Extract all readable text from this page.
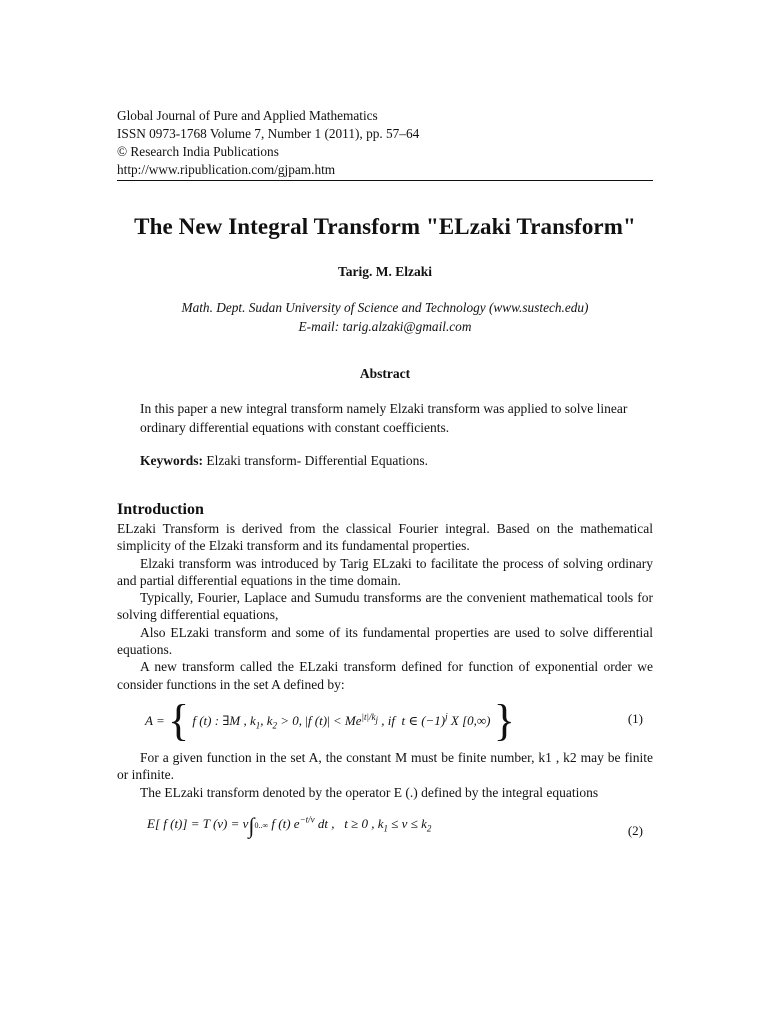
Global Journal of Pure and Applied Mathematics
ISSN 0973-1768 Volume 7, Number 1 (2011), pp. 57–64
© Research India Publications
http://www.ripublication.com/gjpam.htm
The New Integral Transform "ELzaki Transform"
Tarig. M. Elzaki
Math. Dept. Sudan University of Science and Technology (www.sustech.edu)
E-mail: tarig.alzaki@gmail.com
Abstract
In this paper a new integral transform namely Elzaki transform was applied to solve linear ordinary differential equations with constant coefficients.
Keywords: Elzaki transform- Differential Equations.
Introduction

ELzaki Transform is derived from the classical Fourier integral. Based on the mathematical simplicity of the Elzaki transform and its fundamental properties.

Elzaki transform was introduced by Tarig ELzaki to facilitate the process of solving ordinary and partial differential equations in the time domain.

Typically, Fourier, Laplace and Sumudu transforms are the convenient mathematical tools for solving differential equations,

Also ELzaki transform and some of its fundamental properties are used to solve differential equations.

A new transform called the ELzaki transform defined for function of exponential order we consider functions in the set A defined by:

A = { f (t) : ∃M , $k_1$, $k_2 > 0$, |f $(t)| < Me^{|t|/k_j}$ , if  t ∈ $(-1)^j$ X [0,∞) }	(1)

For a given function in the set A, the constant M must be finite number, k1 , k2 may be finite or infinite.

The ELzaki transform denoted by the operator E (.) defined by the integral equations

E[ f (t)] = T (v) = v∫0..∞ f (t) $e^{-t/v}$ dt ,   t ≥ 0 , $k_1 \le v \le k_2$	(2)
